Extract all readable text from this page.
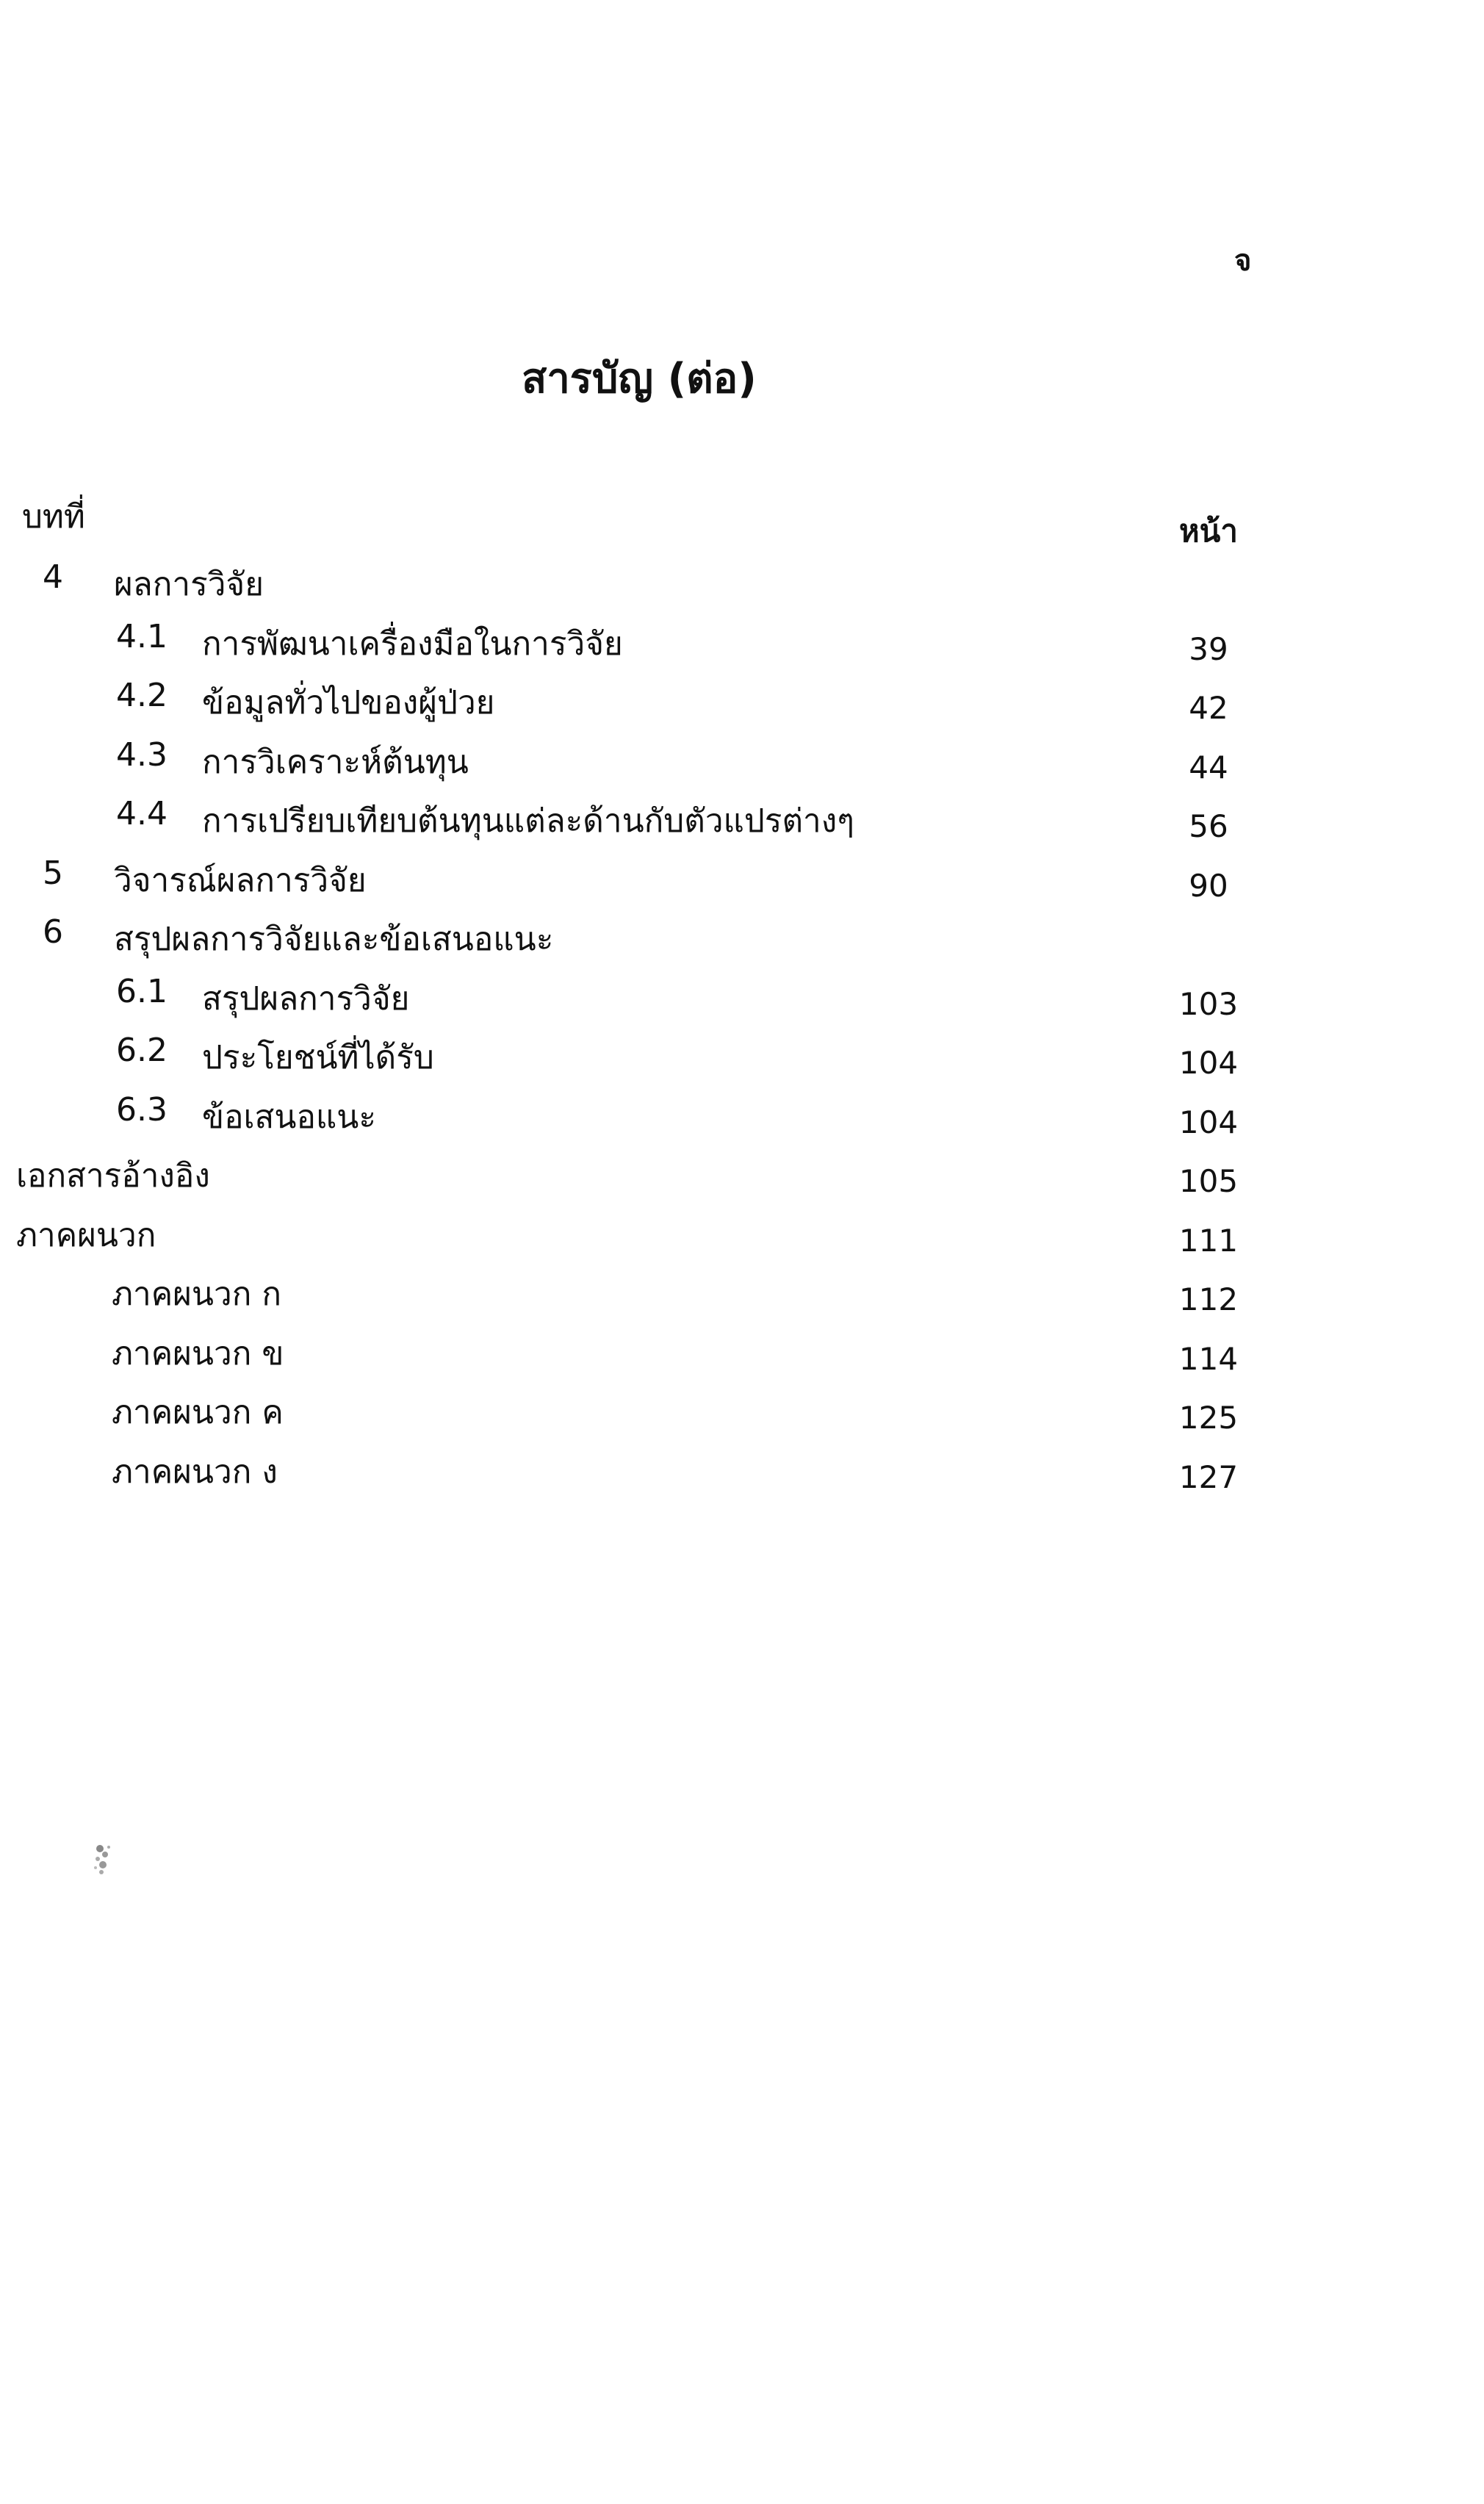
จ
สารบัญ (ต่อ)
บทที่	หน้า
4 ผลการวิจัย
4.1 การพัฒนาเครื่องมือในการวิจัย	39
4.2 ข้อมูลทั่วไปของผู้ป่วย	42
4.3 การวิเคราะห์ต้นทุน	44
4.4 การเปรียบเทียบต้นทุนแต่ละด้านกับตัวแปรต่างๆ	56
5 วิจารณ์ผลการวิจัย	90
6 สรุปผลการวิจัยและข้อเสนอแนะ
6.1 สรุปผลการวิจัย	103
6.2 ประโยชน์ที่ได้รับ	104
6.3 ข้อเสนอแนะ	104
เอกสารอ้างอิง	105
ภาคผนวก	111
ภาคผนวก ก	112
ภาคผนวก ข	114
ภาคผนวก ค	125
ภาคผนวก ง	127
